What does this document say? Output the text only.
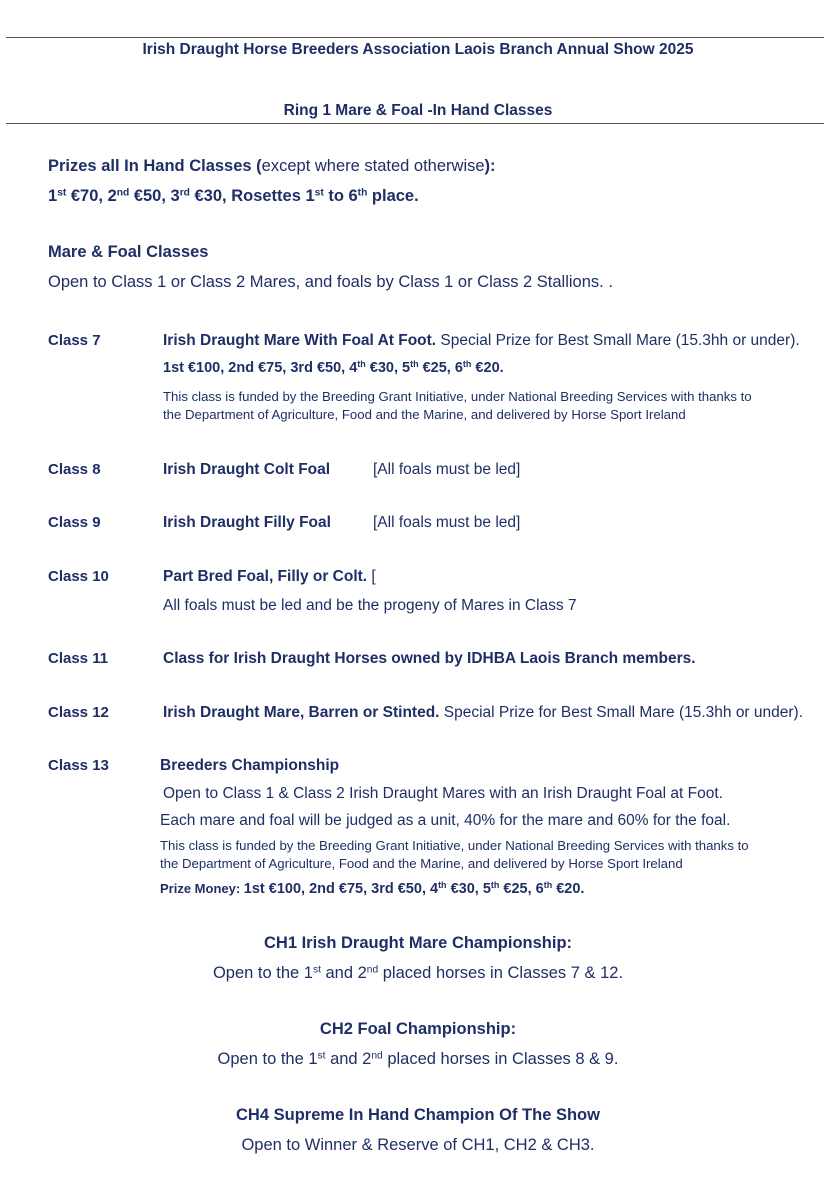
Irish Draught Horse Breeders Association Laois Branch Annual Show 2025
Ring 1 Mare & Foal -In Hand Classes
Prizes all In Hand Classes (except where stated otherwise):
1st €70, 2nd €50, 3rd €30, Rosettes 1st to 6th place.
Mare & Foal Classes
Open to Class 1 or Class 2 Mares, and foals by Class 1 or Class 2 Stallions. .
Class 7	Irish Draught Mare With Foal At Foot. Special Prize for Best Small Mare (15.3hh or under).
1st €100, 2nd €75, 3rd €50, 4th €30, 5th €25, 6th €20.
This class is funded by the Breeding Grant Initiative, under National Breeding Services with thanks to
the Department of Agriculture, Food and the Marine, and delivered by Horse Sport Ireland
Class 8	Irish Draught Colt Foal	[All foals must be led]
Class 9	Irish Draught Filly Foal	[All foals must be led]
Class 10	Part Bred Foal, Filly or Colt. [
All foals must be led and be the progeny of Mares in Class 7
Class 11	Class for Irish Draught Horses owned by IDHBA Laois Branch members.
Class 12	Irish Draught Mare, Barren or Stinted. Special Prize for Best Small Mare (15.3hh or under).
Class 13	Breeders Championship
Open to Class 1 & Class 2 Irish Draught Mares with an Irish Draught Foal at Foot.
Each mare and foal will be judged as a unit, 40% for the mare and 60% for the foal.
This class is funded by the Breeding Grant Initiative, under National Breeding Services with thanks to
the Department of Agriculture, Food and the Marine, and delivered by Horse Sport Ireland
Prize Money: 1st €100, 2nd €75, 3rd €50, 4th €30, 5th €25, 6th €20.
CH1 Irish Draught Mare Championship:
Open to the 1st and 2nd placed horses in Classes 7 & 12.
CH2 Foal Championship:
Open to the 1st and 2nd placed horses in Classes 8 & 9.
CH4 Supreme In Hand Champion Of The Show
Open to Winner & Reserve of CH1, CH2 & CH3.
